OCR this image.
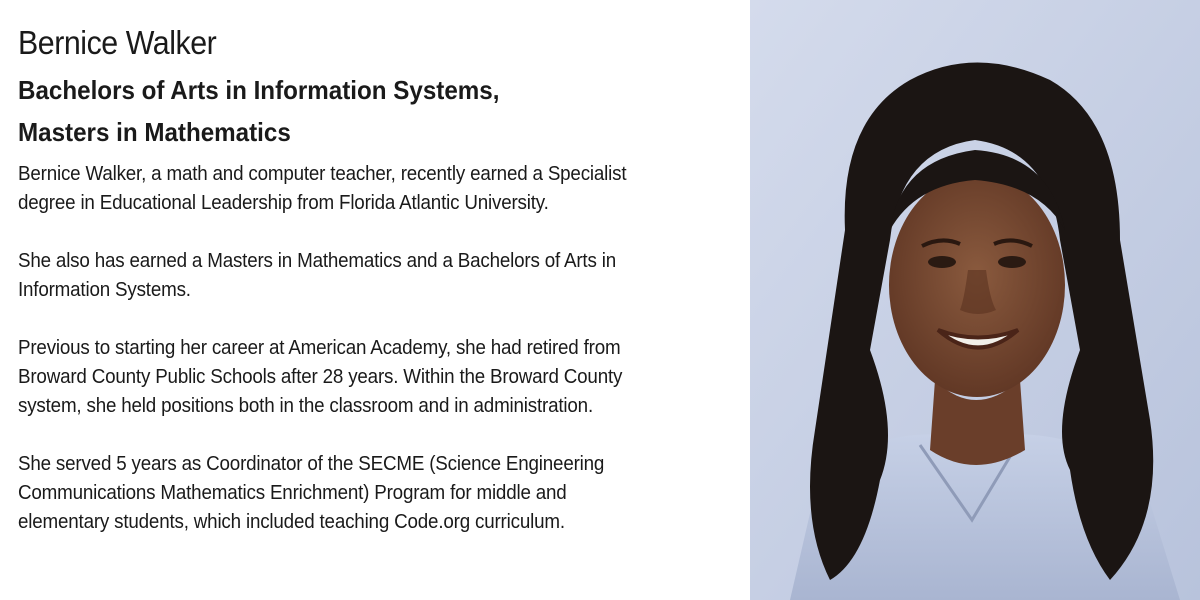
Bernice Walker
Bachelors of Arts in Information Systems,
Masters in Mathematics
Bernice Walker, a math and computer teacher, recently earned a Specialist
degree in Educational Leadership from Florida Atlantic University.
She also has earned a Masters in Mathematics and a Bachelors of Arts in
Information Systems.
Previous to starting her career at American Academy, she had retired from
Broward County Public Schools after 28 years. Within the Broward County
system, she held positions both in the classroom and in administration.
She served 5 years as Coordinator of the SECME (Science Engineering
Communications Mathematics Enrichment) Program for middle and
elementary students, which included teaching Code.org curriculum.
